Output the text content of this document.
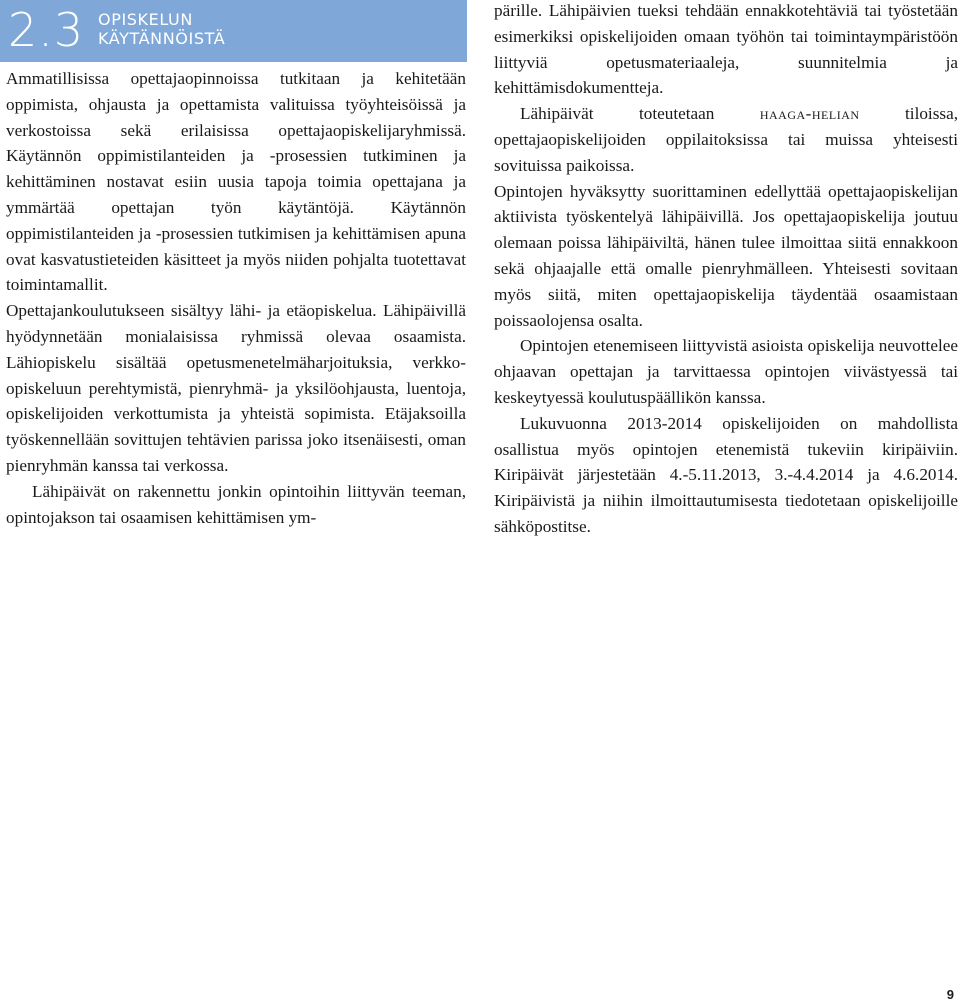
2.3 OPISKELUN
KÄYTÄNNÖISTÄ

Ammatillisissa opettajaopinnoissa tutkitaan ja kehitetään oppimista, ohjausta ja opettamista valituissa työyhteisöissä ja verkostoissa sekä erilaisissa opettajaopiskelijaryhmissä. Käytännön oppimistilanteiden ja -prosessien tutkiminen ja kehittäminen nostavat esiin uusia tapoja toimia opettajana ja ymmärtää opettajan työn käytäntöjä. Käytännön oppimistilanteiden ja -prosessien tutkimisen ja kehittämisen apuna ovat kasvatustieteiden käsitteet ja myös niiden pohjalta tuotettavat toimintamallit.

Opettajankoulutukseen sisältyy lähi- ja etäopiskelua. Lähipäivillä hyödynnetään monialaisissa ryhmissä olevaa osaamista. Lähiopiskelu sisältää opetusmenetelmäharjoituksia, verkko-opiskeluun perehtymistä, pienryhmä- ja yksilöohjausta, luentoja, opiskelijoiden verkottumista ja yhteistä sopimista. Etäjaksoilla työskennellään sovittujen tehtävien parissa joko itsenäisesti, oman pienryhmän kanssa tai verkossa.

Lähipäivät on rakennettu jonkin opintoihin liittyvän teeman, opintojakson tai osaamisen kehittämisen ym-

pärille. Lähipäivien tueksi tehdään ennakkotehtäviä tai työstetään esimerkiksi opiskelijoiden omaan työhön tai toimintaympäristöön liittyviä opetusmateriaaleja, suunnitelmia ja kehittämisdokumentteja.

Lähipäivät toteutetaan	haaga-helian	tiloissa, opettajaopiskelijoiden oppilaitoksissa tai muissa yhteisesti sovituissa paikoissa.

Opintojen hyväksytty suorittaminen edellyttää opettajaopiskelijan aktiivista työskentelyä lähipäivillä. Jos opettajaopiskelija joutuu olemaan poissa lähipäiviltä, hänen tulee ilmoittaa siitä ennakkoon sekä ohjaajalle että omalle pienryhmälleen. Yhteisesti sovitaan myös siitä, miten opettajaopiskelija täydentää osaamistaan poissaolojensa osalta.

Opintojen etenemiseen liittyvistä asioista opiskelija neuvottelee ohjaavan opettajan ja tarvittaessa opintojen viivästyessä tai keskeytyessä koulutuspäällikön kanssa.

Lukuvuonna 2013-2014 opiskelijoiden on mahdollista osallistua myös opintojen etenemistä tukeviin kiripäiviin. Kiripäivät järjestetään 4.-5.11.2013, 3.-4.4.2014 ja 4.6.2014. Kiripäivistä ja niihin ilmoittautumisesta tiedotetaan opiskelijoille sähköpostitse.

9
